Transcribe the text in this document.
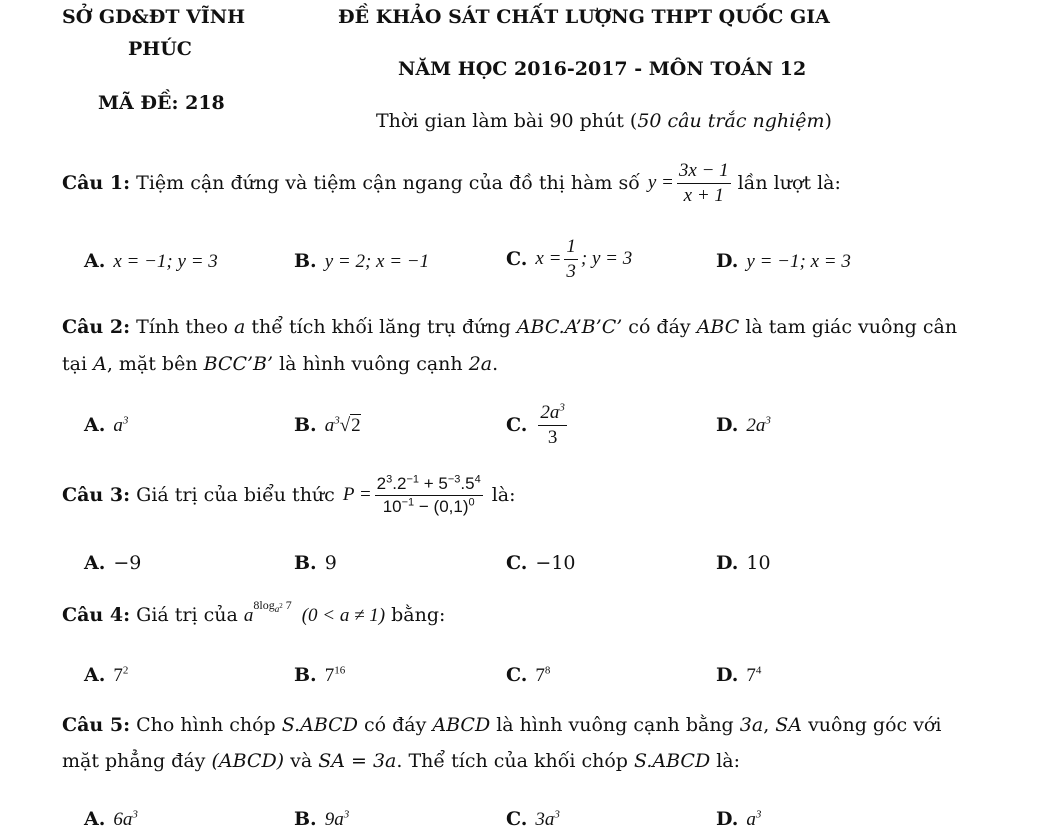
SỞ GD&ĐT VĨNH
PHÚC
MÃ ĐỀ: 218
ĐỀ KHẢO SÁT CHẤT LƯỢNG THPT QUỐC GIA
NĂM HỌC 2016-2017 - MÔN TOÁN 12
Thời gian làm bài 90 phút (50 câu trắc nghiệm)
Câu 1: Tiệm cận đứng và tiệm cận ngang của đồ thị hàm số $y = \frac{3x - 1}{x + 1}$ lần lượt là:
A. x = −1; y = 3	B. y = 2; x = −1	C. $x = \frac{1}{3}$ ; y = 3	D. y = −1; x = 3
Câu 2: Tính theo a thể tích khối lăng trụ đứng ABC.A’B’C’ có đáy ABC là tam giác vuông cân
tại A, mặt bên BCC’B’ là hình vuông cạnh 2a.
A. $a^3$	B. $a^3√2$	C. $\frac{2a^3}{3}$	D. $2a^3$
Câu 3: Giá trị của biểu thức $P = \frac{2^3.2^{-1} + 5^{-3}.5^4}{10^{-1} - (0,1)^0}$ là:
A. −9	B. 9	C. −10	D. 10
Câu 4: Giá trị của $a^{8log_{a^2} 7}$ (0 < a ≠ 1) bằng:
A. $7^2$	B. $7^{16}$	C. $7^8$	D. $7^4$
Câu 5: Cho hình chóp S.ABCD có đáy ABCD là hình vuông cạnh bằng 3a, SA vuông góc với
mặt phẳng đáy (ABCD) và SA = 3a. Thể tích của khối chóp S.ABCD là:
A. $6a^3$	B. $9a^3$	C. $3a^3$	D. $a^3$
